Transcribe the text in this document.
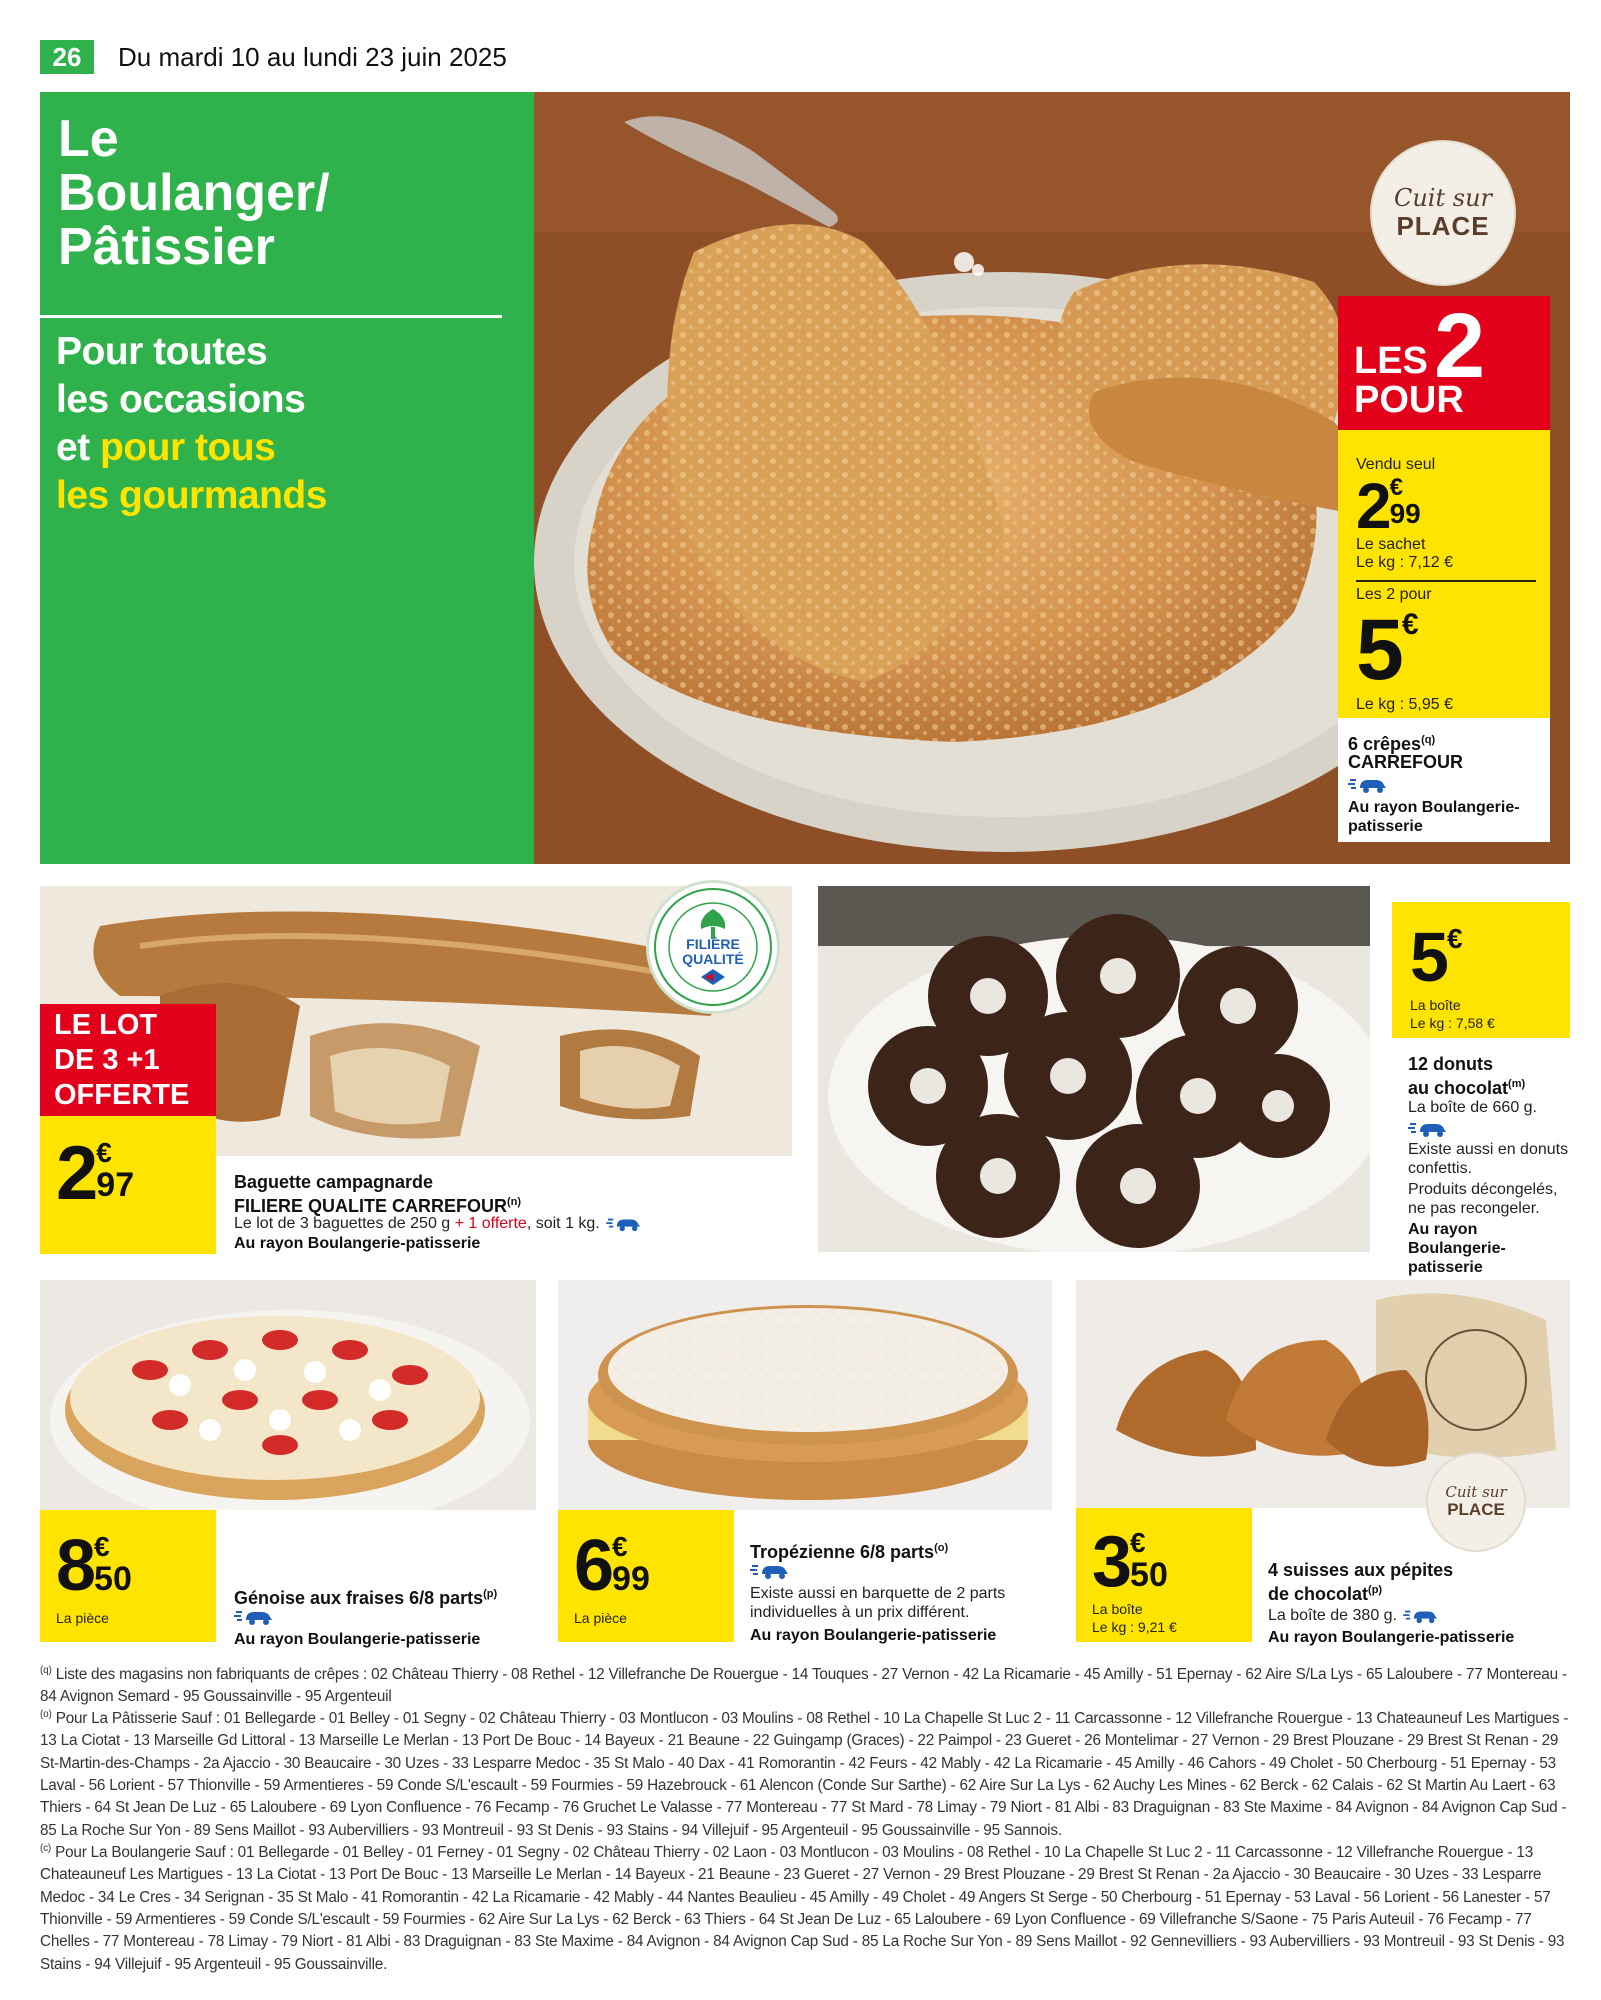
26	Du mardi 10 au lundi 23 juin 2025
Le
Boulanger/
Pâtissier
Pour toutes
les occasions
et pour tous
les gourmands
Cuit sur
PLACE
LES 2
POUR
Vendu seul
2 €
99
Le sachet
Le kg : 7,12 €
Les 2 pour
5 €
Le kg : 5,95 €
6 crêpes$^{(q)}$
CARREFOUR
Au rayon Boulangerie-patisserie
FILIÈRE
QUALITÉ
LE LOT
DE 3 +1
OFFERTE
2 €
97	Baguette campagnarde
FILIERE QUALITE CARREFOUR$^{(n)}$
Le lot de 3 baguettes de 250 g + 1 offerte, soit 1 kg.
Au rayon Boulangerie-patisserie
5 €
La boîte
Le kg : 7,58 €
12 donuts
au chocolat$^{(m)}$
La boîte de 660 g.
Existe aussi en donuts confettis.
Produits décongelés, ne pas recongeler.
Au rayon Boulangerie-patisserie
8 €
50
La pièce
Génoise aux fraises 6/8 parts$^{(p)}$
Au rayon Boulangerie-patisserie
6 €
99
La pièce
Tropézienne 6/8 parts$^{(o)}$
Existe aussi en barquette de 2 parts individuelles à un prix différent.
Au rayon Boulangerie-patisserie
Cuit sur
PLACE
3 €
50
La boîte
Le kg : 9,21 €
4 suisses aux pépites
de chocolat$^{(p)}$
La boîte de 380 g.
Au rayon Boulangerie-patisserie
$^{(q)}$ Liste des magasins non fabriquants de crêpes : 02 Château Thierry - 08 Rethel - 12 Villefranche De Rouergue - 14 Touques - 27 Vernon - 42 La Ricamarie - 45 Amilly - 51 Epernay - 62 Aire S/La Lys - 65 Laloubere - 77 Montereau - 84 Avignon Semard - 95 Goussainville - 95 Argenteuil
$^{(o)}$ Pour La Pâtisserie Sauf : 01 Bellegarde - 01 Belley - 01 Segny - 02 Château Thierry - 03 Montlucon - 03 Moulins - 08 Rethel - 10 La Chapelle St Luc 2 - 11 Carcassonne - 12 Villefranche Rouergue - 13 Chateauneuf Les Martigues - 13 La Ciotat - 13 Marseille Gd Littoral - 13 Marseille Le Merlan - 13 Port De Bouc - 14 Bayeux - 21 Beaune - 22 Guingamp (Graces) - 22 Paimpol - 23 Gueret - 26 Montelimar - 27 Vernon - 29 Brest Plouzane - 29 Brest St Renan - 29 St-Martin-des-Champs - 2a Ajaccio - 30 Beaucaire - 30 Uzes - 33 Lesparre Medoc - 35 St Malo - 40 Dax - 41 Romorantin - 42 Feurs - 42 Mably - 42 La Ricamarie - 45 Amilly - 46 Cahors - 49 Cholet - 50 Cherbourg - 51 Epernay - 53 Laval - 56 Lorient - 57 Thionville - 59 Armentieres - 59 Conde S/L'escault - 59 Fourmies - 59 Hazebrouck - 61 Alencon (Conde Sur Sarthe) - 62 Aire Sur La Lys - 62 Auchy Les Mines - 62 Berck - 62 Calais - 62 St Martin Au Laert - 63 Thiers - 64 St Jean De Luz - 65 Laloubere - 69 Lyon Confluence - 76 Fecamp - 76 Gruchet Le Valasse - 77 Montereau - 77 St Mard - 78 Limay - 79 Niort - 81 Albi - 83 Draguignan - 83 Ste Maxime - 84 Avignon - 84 Avignon Cap Sud - 85 La Roche Sur Yon - 89 Sens Maillot - 93 Aubervilliers - 93 Montreuil - 93 St Denis - 93 Stains - 94 Villejuif - 95 Argenteuil - 95 Goussainville - 95 Sannois.
$^{(c)}$ Pour La Boulangerie Sauf : 01 Bellegarde - 01 Belley - 01 Ferney - 01 Segny - 02 Château Thierry - 02 Laon - 03 Montlucon - 03 Moulins - 08 Rethel - 10 La Chapelle St Luc 2 - 11 Carcassonne - 12 Villefranche Rouergue - 13 Chateauneuf Les Martigues - 13 La Ciotat - 13 Port De Bouc - 13 Marseille Le Merlan - 14 Bayeux - 21 Beaune - 23 Gueret - 27 Vernon - 29 Brest Plouzane - 29 Brest St Renan - 2a Ajaccio - 30 Beaucaire - 30 Uzes - 33 Lesparre Medoc - 34 Le Cres - 34 Serignan - 35 St Malo - 41 Romorantin - 42 La Ricamarie - 42 Mably - 44 Nantes Beaulieu - 45 Amilly - 49 Cholet - 49 Angers St Serge - 50 Cherbourg - 51 Epernay - 53 Laval - 56 Lorient - 56 Lanester - 57 Thionville - 59 Armentieres - 59 Conde S/L'escault - 59 Fourmies - 62 Aire Sur La Lys - 62 Berck - 63 Thiers - 64 St Jean De Luz - 65 Laloubere - 69 Lyon Confluence - 69 Villefranche S/Saone - 75 Paris Auteuil - 76 Fecamp - 77 Chelles - 77 Montereau - 78 Limay - 79 Niort - 81 Albi - 83 Draguignan - 83 Ste Maxime - 84 Avignon - 84 Avignon Cap Sud - 85 La Roche Sur Yon - 89 Sens Maillot - 92 Gennevilliers - 93 Aubervilliers - 93 Montreuil - 93 St Denis - 93 Stains - 94 Villejuif - 95 Argenteuil - 95 Goussainville.
